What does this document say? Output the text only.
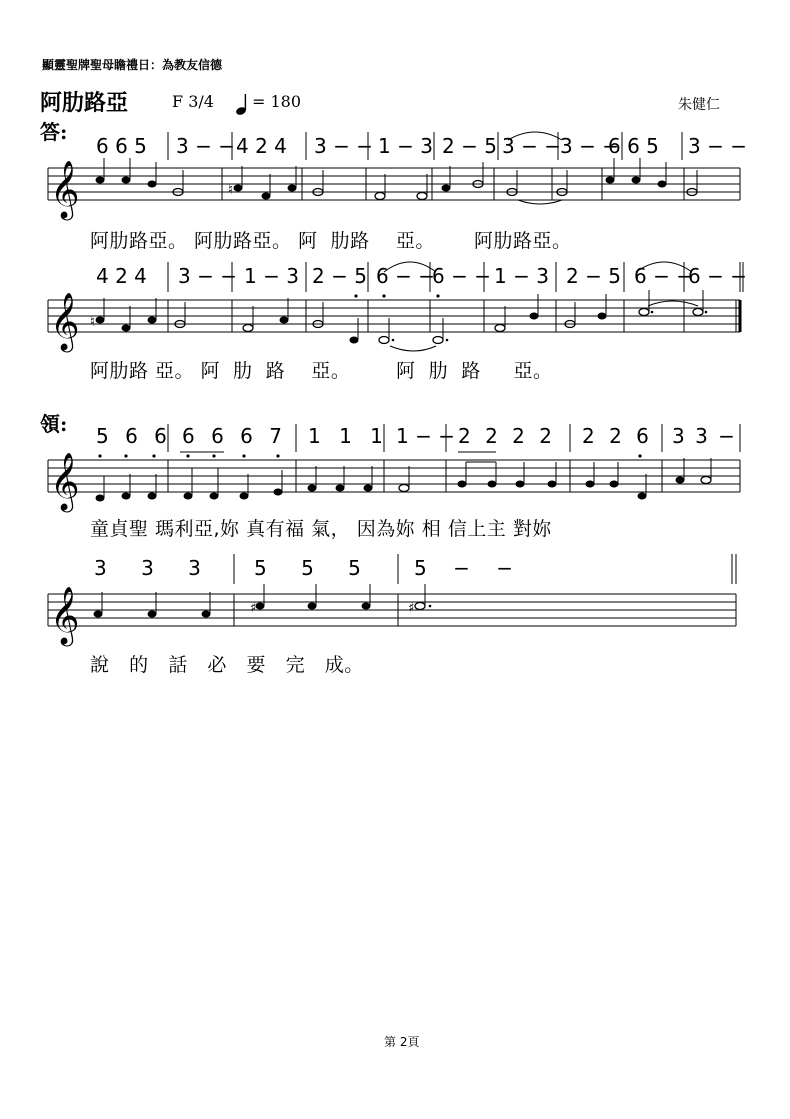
顯靈聖牌聖母瞻禮日：為教友信德
阿肋路亞	F 3/4 = 180	朱健仁
答:
領:
𝄞	♮
𝄞 ♮
𝄞
𝄞	♯	♯
6 6 5 3 − − 4 2 4 3 − − 1 − 3 2 − 5 3 − − 3 − −
6 6 5 3 − −
4 2 4 3 − − 1 − 3 2 − 5 6 − −
6 − − 1 − 3 2 − 5 6 − −
6 − −
5 6 6 6 6 6 7 1 1 1 1 − − 2 2 2 2 2 2 6 3 3 −
3 3 3	5 5 5	5 − −
阿肋路亞。 阿肋路亞。 阿  肋路    亞。      阿肋路亞。
阿肋路 亞。 阿  肋  路    亞。       阿  肋  路     亞。
童貞聖 瑪利亞,妳 真有福 氣， 因為妳 相 信上主 對妳
說   的   話   必   要   完   成。
第 2頁
